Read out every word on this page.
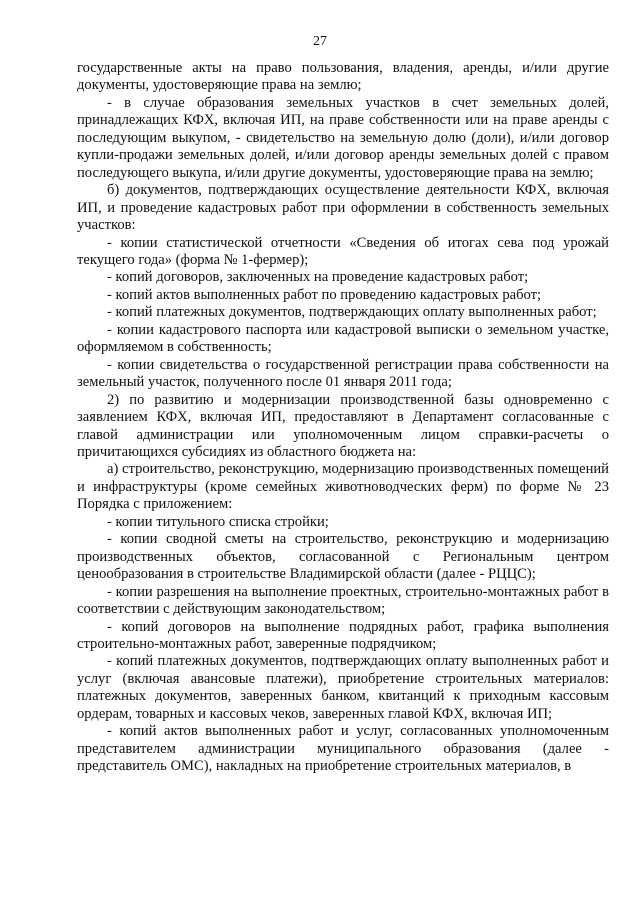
27

государственные акты на право пользования, владения, аренды, и/или другие документы, удостоверяющие права на землю;

- в случае образования земельных участков в счет земельных долей, принадлежащих КФХ, включая ИП, на праве собственности или на праве аренды с последующим выкупом, - свидетельство на земельную долю (доли), и/или договор купли-продажи земельных долей, и/или договор аренды земельных долей с правом последующего выкупа, и/или другие документы, удостоверяющие права на землю;

б) документов, подтверждающих осуществление деятельности КФХ, включая ИП, и проведение кадастровых работ при оформлении в собственность земельных участков:

- копии статистической отчетности «Сведения об итогах сева под урожай текущего года» (форма № 1-фермер);

- копий договоров, заключенных на проведение кадастровых работ;

- копий актов выполненных работ по проведению кадастровых работ;

- копий платежных документов, подтверждающих оплату выполненных работ;

- копии кадастрового паспорта или кадастровой выписки о земельном участке, оформляемом в собственность;

- копии свидетельства о государственной регистрации права собственности на земельный участок, полученного после 01 января 2011 года;

2) по развитию и модернизации производственной базы одновременно с заявлением КФХ, включая ИП, предоставляют в Департамент согласованные с главой администрации или уполномоченным лицом справки-расчеты о причитающихся субсидиях из областного бюджета на:

а) строительство, реконструкцию, модернизацию производственных помещений и инфраструктуры (кроме семейных животноводческих ферм) по форме № 23 Порядка с приложением:

- копии титульного списка стройки;

- копии сводной сметы на строительство, реконструкцию и модернизацию производственных объектов, согласованной с Региональным центром ценообразования в строительстве Владимирской области (далее - РЦЦС);

- копии разрешения на выполнение проектных, строительно-монтажных работ в соответствии с действующим законодательством;

- копий договоров на выполнение подрядных работ, графика выполнения строительно-монтажных работ, заверенные подрядчиком;

- копий платежных документов, подтверждающих оплату выполненных работ и услуг (включая авансовые платежи), приобретение строительных материалов: платежных документов, заверенных банком, квитанций к приходным кассовым ордерам, товарных и кассовых чеков, заверенных главой КФХ, включая ИП;

- копий актов выполненных работ и услуг, согласованных уполномоченным представителем администрации муниципального образования (далее - представитель ОМС), накладных на приобретение строительных материалов, в
